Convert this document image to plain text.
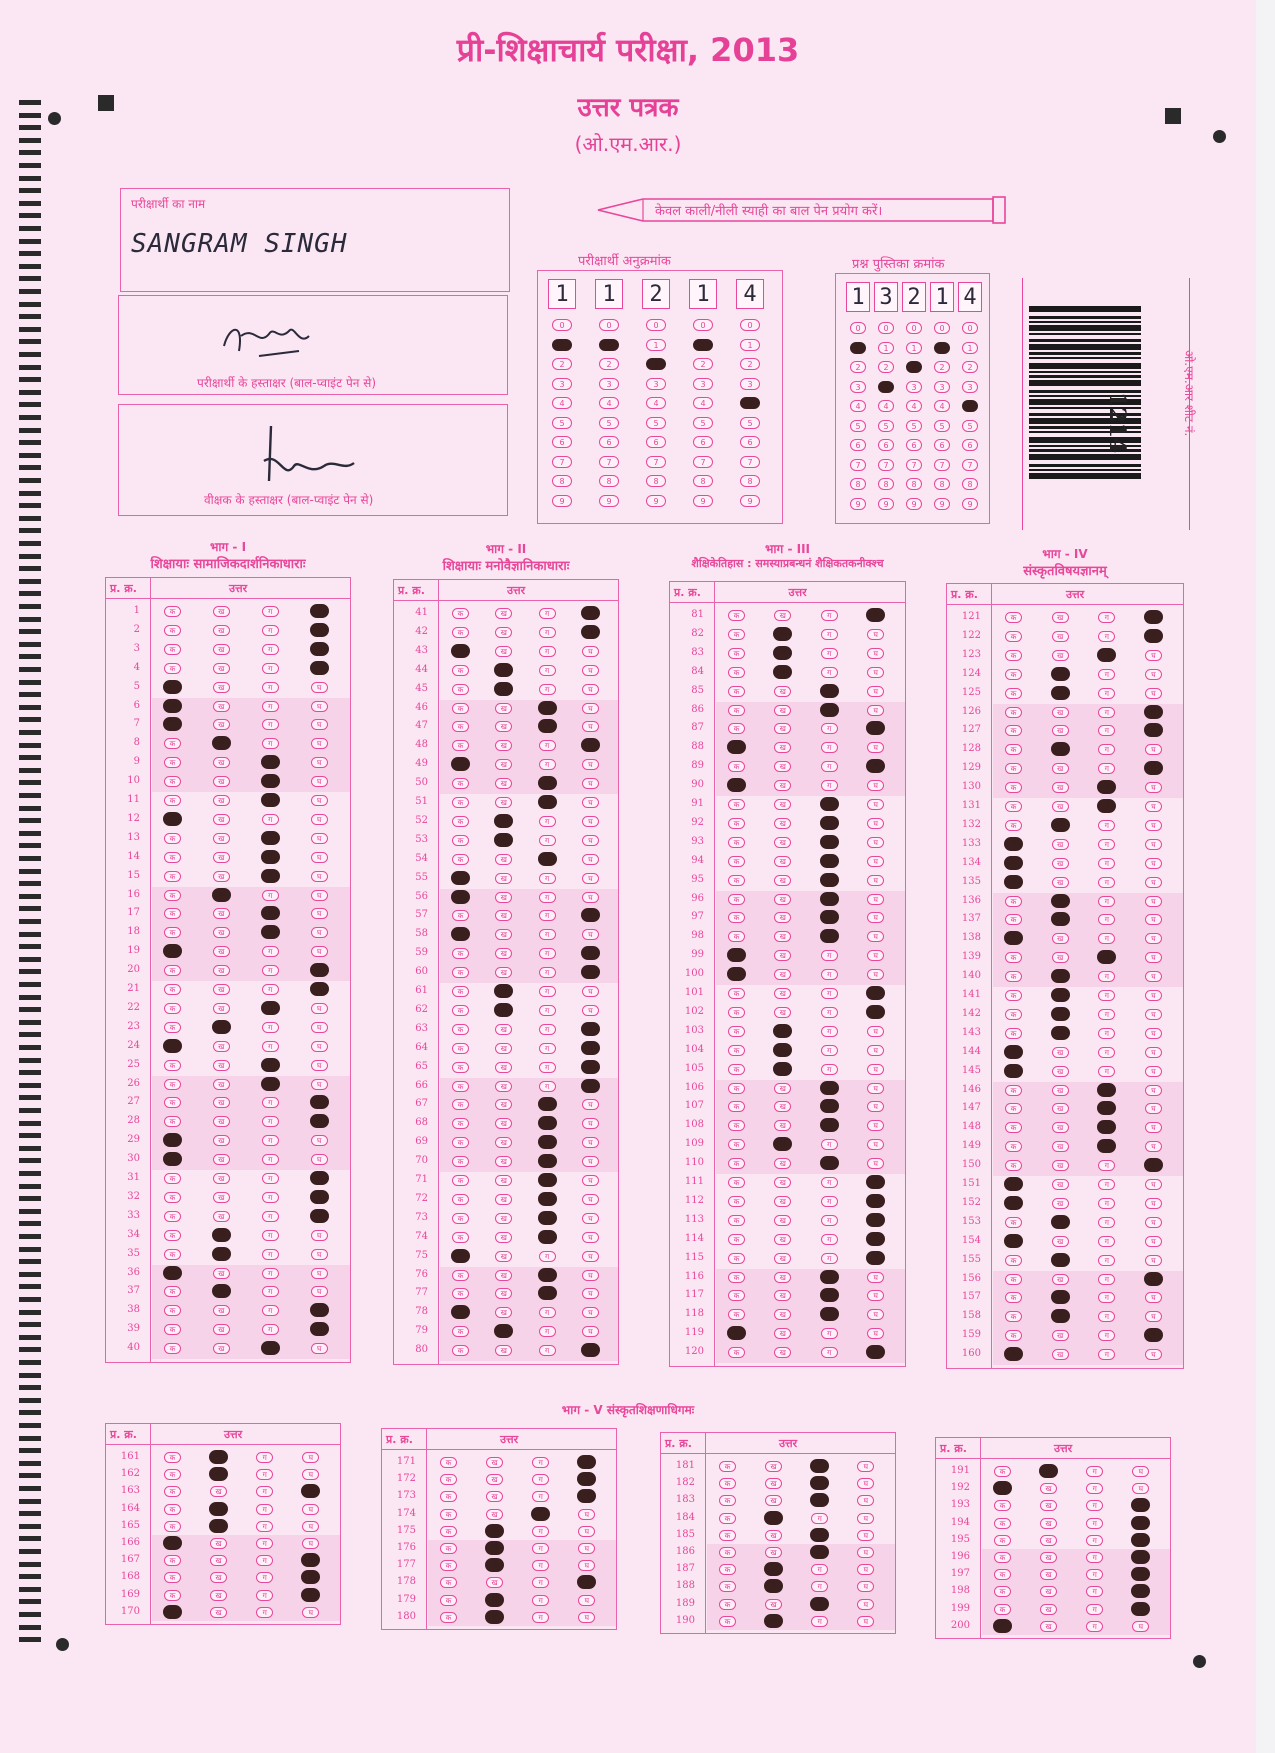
प्री-शिक्षाचार्य परीक्षा, 2013
उत्तर पत्रक
(ओ.एम.आर.)
परीक्षार्थी का नाम
SANGRAM SINGH
परीक्षार्थी के हस्ताक्षर (बाल-प्वाइंट पेन से)
वीक्षक के हस्ताक्षर (बाल-प्वाइंट पेन से)
केवल काली/नीली स्याही का बाल पेन प्रयोग करें।
परीक्षार्थी अनुक्रमांक
1
0
1
2
3
4
5
6
7
8
9
1
0
1
2
3
4
5
6
7
8
9
2
0
1
2
3
4
5
6
7
8
9
1
0
1
2
3
4
5
6
7
8
9
4
0
1
2
3
4
5
6
7
8
9
प्रश्न पुस्तिका क्रमांक
1
0
1
2
3
4
5
6
7
8
9
3
0
1
2
3
4
5
6
7
8
9
2
0
1
2
3
4
5
6
7
8
9
1
0
1
2
3
4
5
6
7
8
9
4
0
1
2
3
4
5
6
7
8
9
1214	ओ.एम.आर शीट नं.
भाग - I
शिक्षायाः सामाजिकदार्शनिकाधाराः
प्र. क्र.	उत्तर
1	क	ख	ग	घ
2	क	ख	ग	घ
3	क	ख	ग	घ
4	क	ख	ग	घ
5	क	ख	ग	घ
6	क	ख	ग	घ
7	क	ख	ग	घ
8	क	ख	ग	घ
9	क	ख	ग	घ
10	क	ख	ग	घ
11	क	ख	ग	घ
12	क	ख	ग	घ
13	क	ख	ग	घ
14	क	ख	ग	घ
15	क	ख	ग	घ
16	क	ख	ग	घ
17	क	ख	ग	घ
18	क	ख	ग	घ
19	क	ख	ग	घ
20	क	ख	ग	घ
21	क	ख	ग	घ
22	क	ख	ग	घ
23	क	ख	ग	घ
24	क	ख	ग	घ
25	क	ख	ग	घ
26	क	ख	ग	घ
27	क	ख	ग	घ
28	क	ख	ग	घ
29	क	ख	ग	घ
30	क	ख	ग	घ
31	क	ख	ग	घ
32	क	ख	ग	घ
33	क	ख	ग	घ
34	क	ख	ग	घ
35	क	ख	ग	घ
36	क	ख	ग	घ
37	क	ख	ग	घ
38	क	ख	ग	घ
39	क	ख	ग	घ
40	क	ख	ग	घ
भाग - II
शिक्षायाः मनोवैज्ञानिकाधाराः
प्र. क्र.	उत्तर
41	क	ख	ग	घ
42	क	ख	ग	घ
43	क	ख	ग	घ
44	क	ख	ग	घ
45	क	ख	ग	घ
46	क	ख	ग	घ
47	क	ख	ग	घ
48	क	ख	ग	घ
49	क	ख	ग	घ
50	क	ख	ग	घ
51	क	ख	ग	घ
52	क	ख	ग	घ
53	क	ख	ग	घ
54	क	ख	ग	घ
55	क	ख	ग	घ
56	क	ख	ग	घ
57	क	ख	ग	घ
58	क	ख	ग	घ
59	क	ख	ग	घ
60	क	ख	ग	घ
61	क	ख	ग	घ
62	क	ख	ग	घ
63	क	ख	ग	घ
64	क	ख	ग	घ
65	क	ख	ग	घ
66	क	ख	ग	घ
67	क	ख	ग	घ
68	क	ख	ग	घ
69	क	ख	ग	घ
70	क	ख	ग	घ
71	क	ख	ग	घ
72	क	ख	ग	घ
73	क	ख	ग	घ
74	क	ख	ग	घ
75	क	ख	ग	घ
76	क	ख	ग	घ
77	क	ख	ग	घ
78	क	ख	ग	घ
79	क	ख	ग	घ
80	क	ख	ग	घ
भाग - III
शैक्षिकेतिहास : समस्याप्रबन्धनं शैक्षिकतकनीक्श्च
प्र. क्र.	उत्तर
81	क	ख	ग	घ
82	क	ख	ग	घ
83	क	ख	ग	घ
84	क	ख	ग	घ
85	क	ख	ग	घ
86	क	ख	ग	घ
87	क	ख	ग	घ
88	क	ख	ग	घ
89	क	ख	ग	घ
90	क	ख	ग	घ
91	क	ख	ग	घ
92	क	ख	ग	घ
93	क	ख	ग	घ
94	क	ख	ग	घ
95	क	ख	ग	घ
96	क	ख	ग	घ
97	क	ख	ग	घ
98	क	ख	ग	घ
99	क	ख	ग	घ
100	क	ख	ग	घ
101	क	ख	ग	घ
102	क	ख	ग	घ
103	क	ख	ग	घ
104	क	ख	ग	घ
105	क	ख	ग	घ
106	क	ख	ग	घ
107	क	ख	ग	घ
108	क	ख	ग	घ
109	क	ख	ग	घ
110	क	ख	ग	घ
111	क	ख	ग	घ
112	क	ख	ग	घ
113	क	ख	ग	घ
114	क	ख	ग	घ
115	क	ख	ग	घ
116	क	ख	ग	घ
117	क	ख	ग	घ
118	क	ख	ग	घ
119	क	ख	ग	घ
120	क	ख	ग	घ
भाग - IV
संस्कृतविषयज्ञानम्
प्र. क्र.	उत्तर
121	क	ख	ग	घ
122	क	ख	ग	घ
123	क	ख	ग	घ
124	क	ख	ग	घ
125	क	ख	ग	घ
126	क	ख	ग	घ
127	क	ख	ग	घ
128	क	ख	ग	घ
129	क	ख	ग	घ
130	क	ख	ग	घ
131	क	ख	ग	घ
132	क	ख	ग	घ
133	क	ख	ग	घ
134	क	ख	ग	घ
135	क	ख	ग	घ
136	क	ख	ग	घ
137	क	ख	ग	घ
138	क	ख	ग	घ
139	क	ख	ग	घ
140	क	ख	ग	घ
141	क	ख	ग	घ
142	क	ख	ग	घ
143	क	ख	ग	घ
144	क	ख	ग	घ
145	क	ख	ग	घ
146	क	ख	ग	घ
147	क	ख	ग	घ
148	क	ख	ग	घ
149	क	ख	ग	घ
150	क	ख	ग	घ
151	क	ख	ग	घ
152	क	ख	ग	घ
153	क	ख	ग	घ
154	क	ख	ग	घ
155	क	ख	ग	घ
156	क	ख	ग	घ
157	क	ख	ग	घ
158	क	ख	ग	घ
159	क	ख	ग	घ
160	क	ख	ग	घ
प्र. क्र.	उत्तर
161	क	ख	ग	घ
162	क	ख	ग	घ
163	क	ख	ग	घ
164	क	ख	ग	घ
165	क	ख	ग	घ
166	क	ख	ग	घ
167	क	ख	ग	घ
168	क	ख	ग	घ
169	क	ख	ग	घ
170	क	ख	ग	घ
प्र. क्र.	उत्तर
171	क	ख	ग	घ
172	क	ख	ग	घ
173	क	ख	ग	घ
174	क	ख	ग	घ
175	क	ख	ग	घ
176	क	ख	ग	घ
177	क	ख	ग	घ
178	क	ख	ग	घ
179	क	ख	ग	घ
180	क	ख	ग	घ
प्र. क्र.	उत्तर
181	क	ख	ग	घ
182	क	ख	ग	घ
183	क	ख	ग	घ
184	क	ख	ग	घ
185	क	ख	ग	घ
186	क	ख	ग	घ
187	क	ख	ग	घ
188	क	ख	ग	घ
189	क	ख	ग	घ
190	क	ख	ग	घ
प्र. क्र.	उत्तर
191	क	ख	ग	घ
192	क	ख	ग	घ
193	क	ख	ग	घ
194	क	ख	ग	घ
195	क	ख	ग	घ
196	क	ख	ग	घ
197	क	ख	ग	घ
198	क	ख	ग	घ
199	क	ख	ग	घ
200	क	ख	ग	घ
भाग - V संस्कृतशिक्षणाधिगमः
